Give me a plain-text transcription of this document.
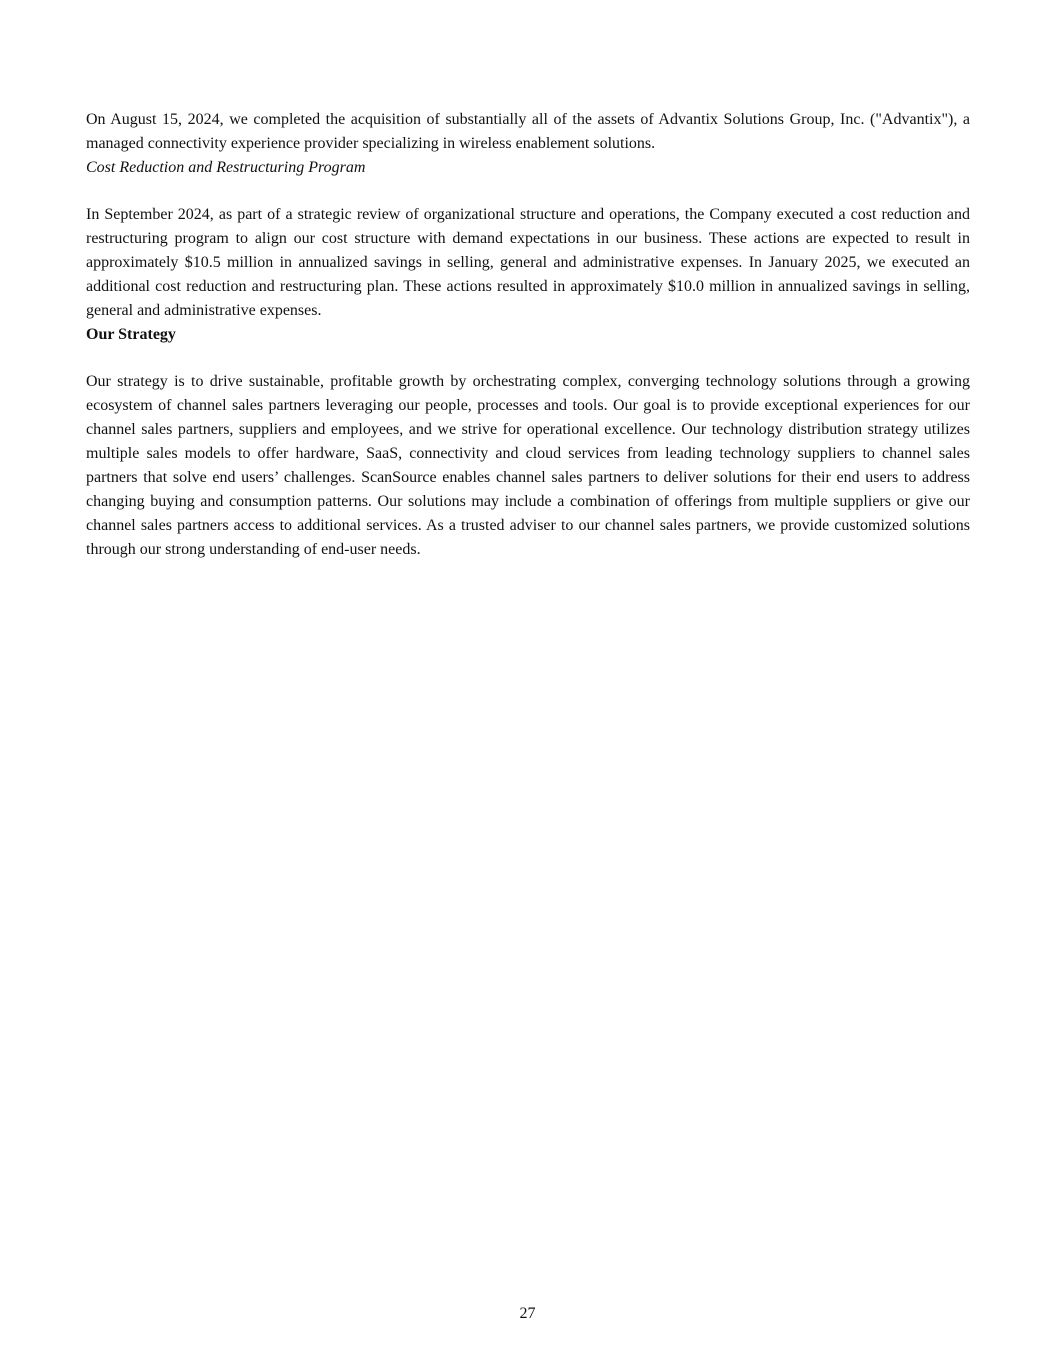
On August 15, 2024, we completed the acquisition of substantially all of the assets of Advantix Solutions Group, Inc. ("Advantix"), a managed connectivity experience provider specializing in wireless enablement solutions.

Cost Reduction and Restructuring Program

In September 2024, as part of a strategic review of organizational structure and operations, the Company executed a cost reduction and restructuring program to align our cost structure with demand expectations in our business. These actions are expected to result in approximately $10.5 million in annualized savings in selling, general and administrative expenses. In January 2025, we executed an additional cost reduction and restructuring plan. These actions resulted in approximately $10.0 million in annualized savings in selling, general and administrative expenses.

Our Strategy

Our strategy is to drive sustainable, profitable growth by orchestrating complex, converging technology solutions through a growing ecosystem of channel sales partners leveraging our people, processes and tools. Our goal is to provide exceptional experiences for our channel sales partners, suppliers and employees, and we strive for operational excellence. Our technology distribution strategy utilizes multiple sales models to offer hardware, SaaS, connectivity and cloud services from leading technology suppliers to channel sales partners that solve end users’ challenges. ScanSource enables channel sales partners to deliver solutions for their end users to address changing buying and consumption patterns. Our solutions may include a combination of offerings from multiple suppliers or give our channel sales partners access to additional services. As a trusted adviser to our channel sales partners, we provide customized solutions through our strong understanding of end-user needs.

27
